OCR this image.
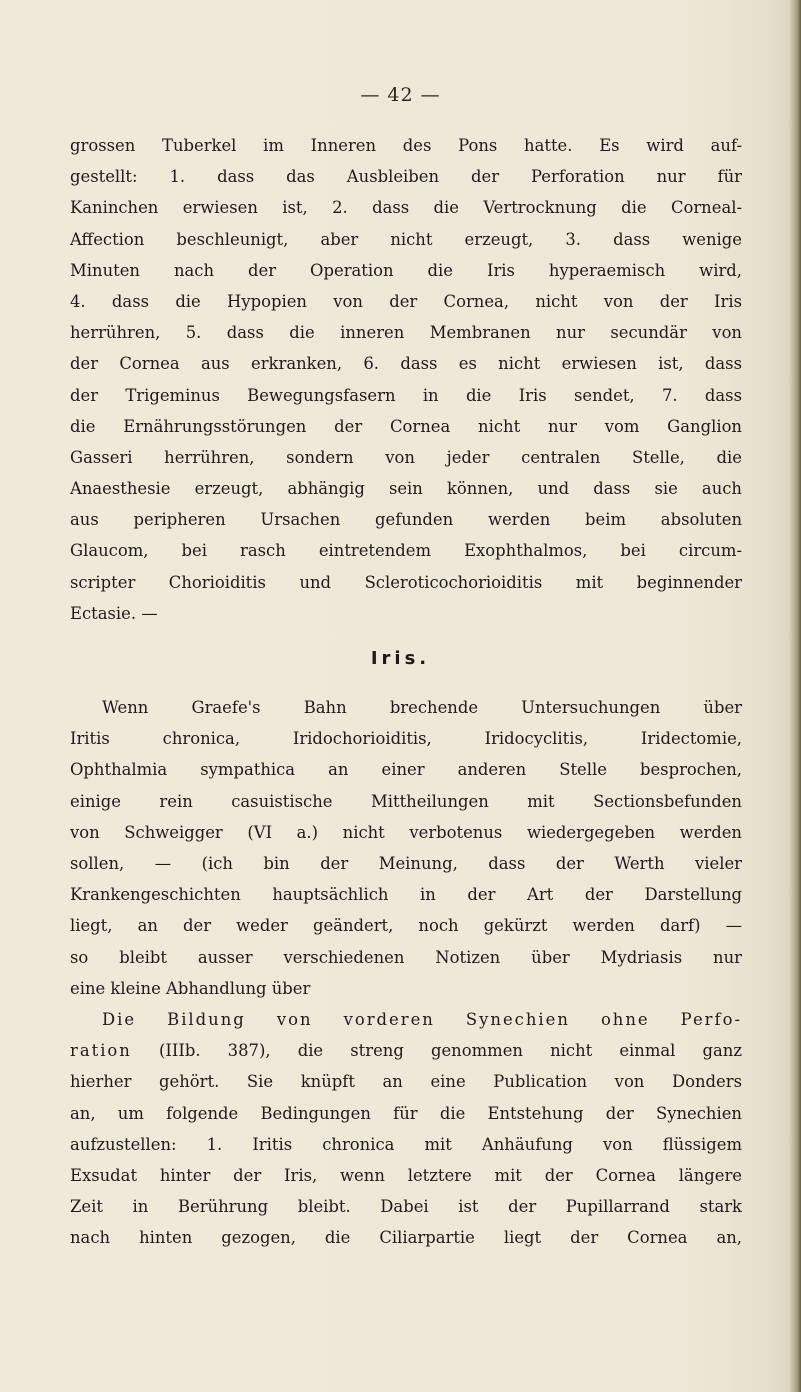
— 42 —
grossen Tuberkel im Inneren des Pons hatte. Es wird auf-
gestellt: 1. dass das Ausbleiben der Perforation nur für
Kaninchen erwiesen ist, 2. dass die Vertrocknung die Corneal-
Affection beschleunigt, aber nicht erzeugt, 3. dass wenige
Minuten nach der Operation die Iris hyperaemisch wird,
4. dass die Hypopien von der Cornea, nicht von der Iris
herrühren, 5. dass die inneren Membranen nur secundär von
der Cornea aus erkranken, 6. dass es nicht erwiesen ist, dass
der Trigeminus Bewegungsfasern in die Iris sendet, 7. dass
die Ernährungsstörungen der Cornea nicht nur vom Ganglion
Gasseri herrühren, sondern von jeder centralen Stelle, die
Anaesthesie erzeugt, abhängig sein können, und dass sie auch
aus peripheren Ursachen gefunden werden beim absoluten
Glaucom, bei rasch eintretendem Exophthalmos, bei circum-
scripter Chorioiditis und Scleroticochorioiditis mit beginnender
Ectasie. —
Iris.
Wenn Graefe's Bahn brechende Untersuchungen über
Iritis chronica, Iridochorioiditis, Iridocyclitis, Iridectomie,
Ophthalmia sympathica an einer anderen Stelle besprochen,
einige rein casuistische Mittheilungen mit Sectionsbefunden
von Schweigger (VI a.) nicht verbotenus wiedergegeben werden
sollen, — (ich bin der Meinung, dass der Werth vieler
Krankengeschichten hauptsächlich in der Art der Darstellung
liegt, an der weder geändert, noch gekürzt werden darf) —
so bleibt ausser verschiedenen Notizen über Mydriasis nur
eine kleine Abhandlung über
Die Bildung von vorderen Synechien ohne Perfo-
ration (IIIb. 387), die streng genommen nicht einmal ganz
hierher gehört. Sie knüpft an eine Publication von Donders
an, um folgende Bedingungen für die Entstehung der Synechien
aufzustellen: 1. Iritis chronica mit Anhäufung von flüssigem
Exsudat hinter der Iris, wenn letztere mit der Cornea längere
Zeit in Berührung bleibt. Dabei ist der Pupillarrand stark
nach hinten gezogen, die Ciliarpartie liegt der Cornea an,
